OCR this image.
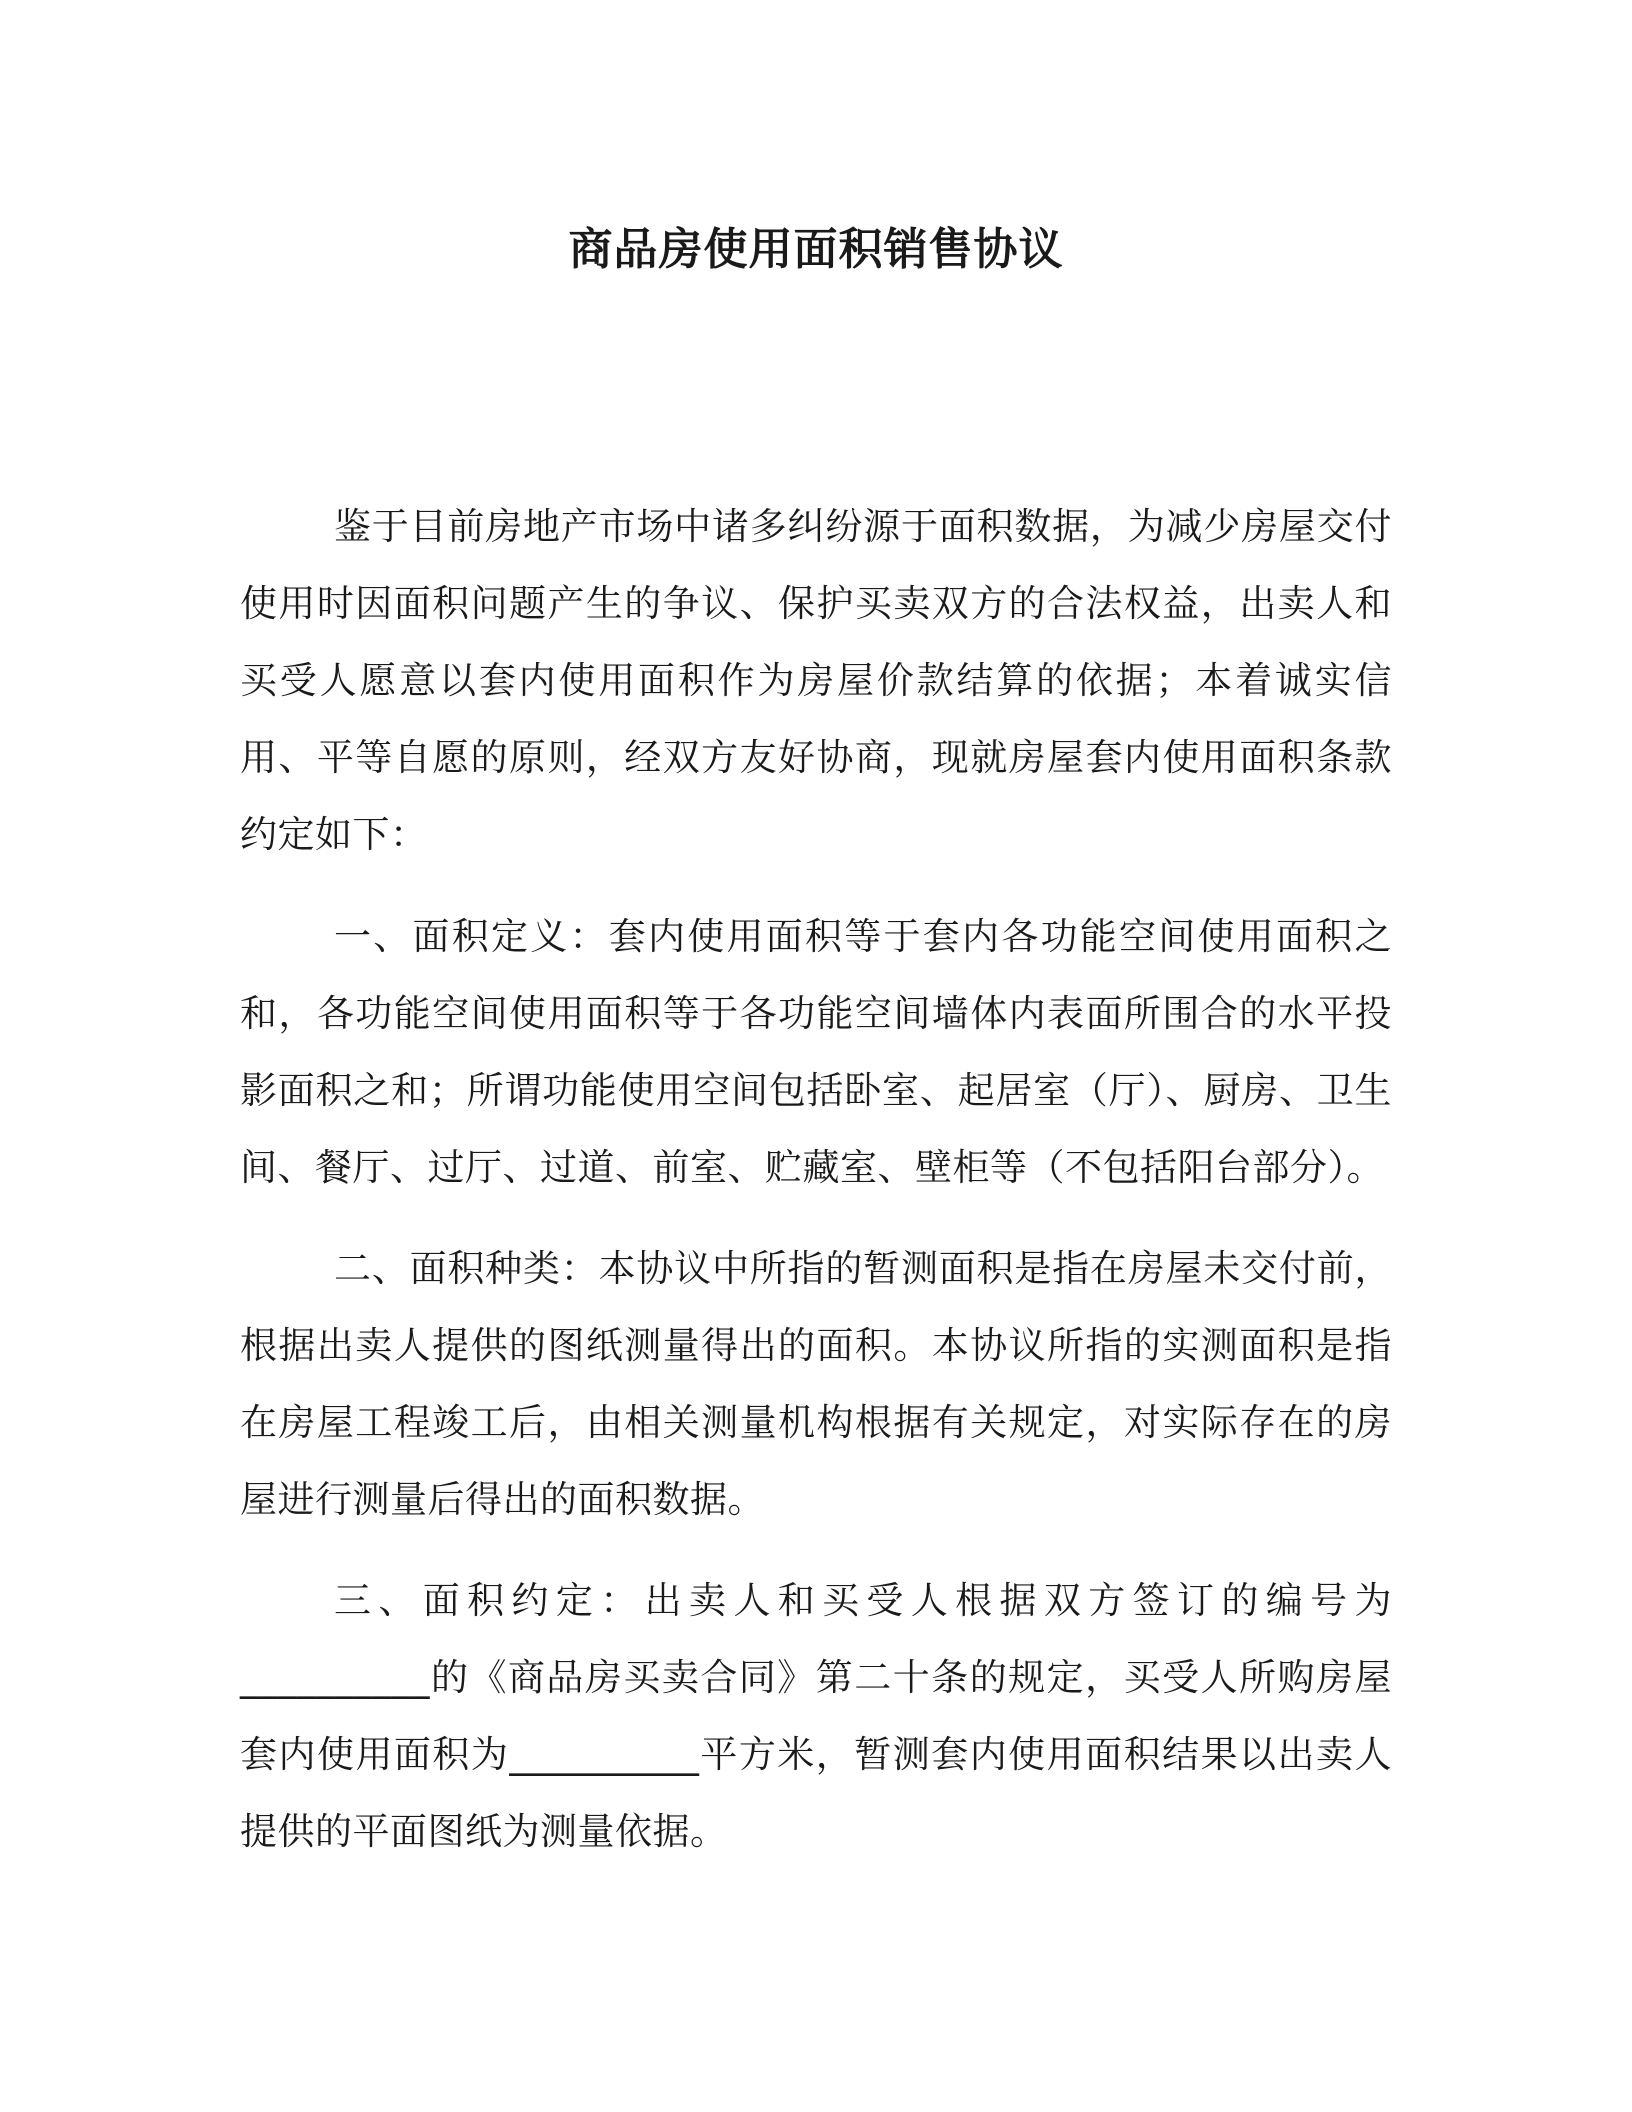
商品房使用面积销售协议

鉴于目前房地产市场中诸多纠纷源于面积数据，为减少房屋交付使用时因面积问题产生的争议、保护买卖双方的合法权益，出卖人和买受人愿意以套内使用面积作为房屋价款结算的依据；本着诚实信用、平等自愿的原则，经双方友好协商，现就房屋套内使用面积条款约定如下：

一、面积定义：套内使用面积等于套内各功能空间使用面积之和，各功能空间使用面积等于各功能空间墙体内表面所围合的水平投影面积之和；所谓功能使用空间包括卧室、起居室（厅）、厨房、卫生间、餐厅、过厅、过道、前室、贮藏室、壁柜等（不包括阳台部分）。

二、面积种类：本协议中所指的暂测面积是指在房屋未交付前，根据出卖人提供的图纸测量得出的面积。本协议所指的实测面积是指在房屋工程竣工后，由相关测量机构根据有关规定，对实际存在的房屋进行测量后得出的面积数据。

三、面积约定：出卖人和买受人根据双方签订的编号为__________的《商品房买卖合同》第二十条的规定，买受人所购房屋套内使用面积为__________平方米，暂测套内使用面积结果以出卖人提供的平面图纸为测量依据。
